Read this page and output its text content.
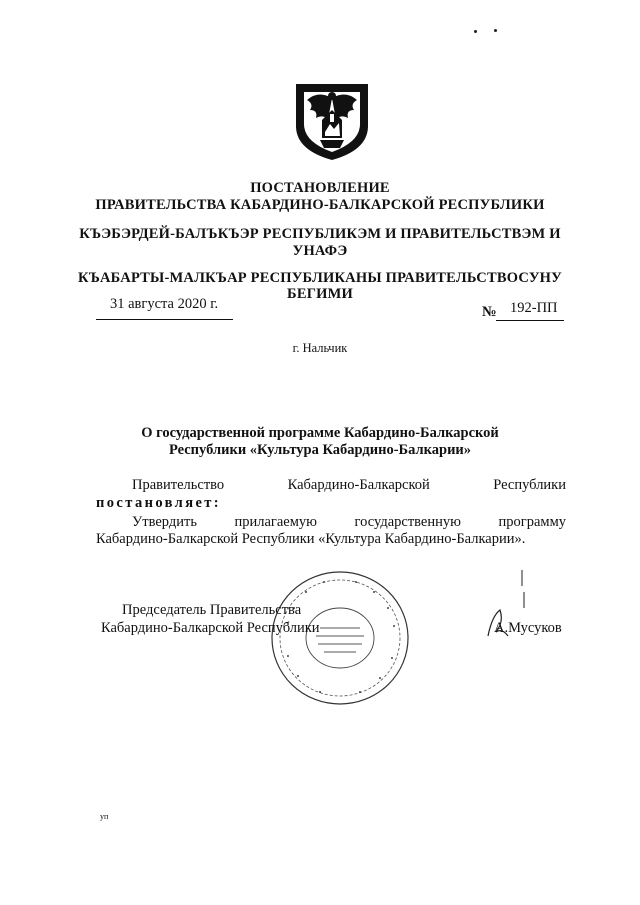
ПОСТАНОВЛЕНИЕ
ПРАВИТЕЛЬСТВА КАБАРДИНО-БАЛКАРСКОЙ РЕСПУБЛИКИ
КЪЭБЭРДЕЙ-БАЛЪКЪЭР РЕСПУБЛИКЭМ И ПРАВИТЕЛЬСТВЭМ И
УНАФЭ
КЪАБАРТЫ-МАЛКЪАР РЕСПУБЛИКАНЫ ПРАВИТЕЛЬСТВОСУНУ
БЕГИМИ
31 августа 2020 г.	№ 192-ПП
г. Нальчик
О государственной программе Кабардино-Балкарской
Республики «Культура Кабардино-Балкарии»
Правительство	Кабардино-Балкарской	Республики
постановляет:
Утвердить	прилагаемую	государственную	программу
Кабардино-Балкарской Республики «Культура Кабардино-Балкарии».
Председатель Правительства
Кабардино-Балкарской Республики	А.Мусуков
уп
